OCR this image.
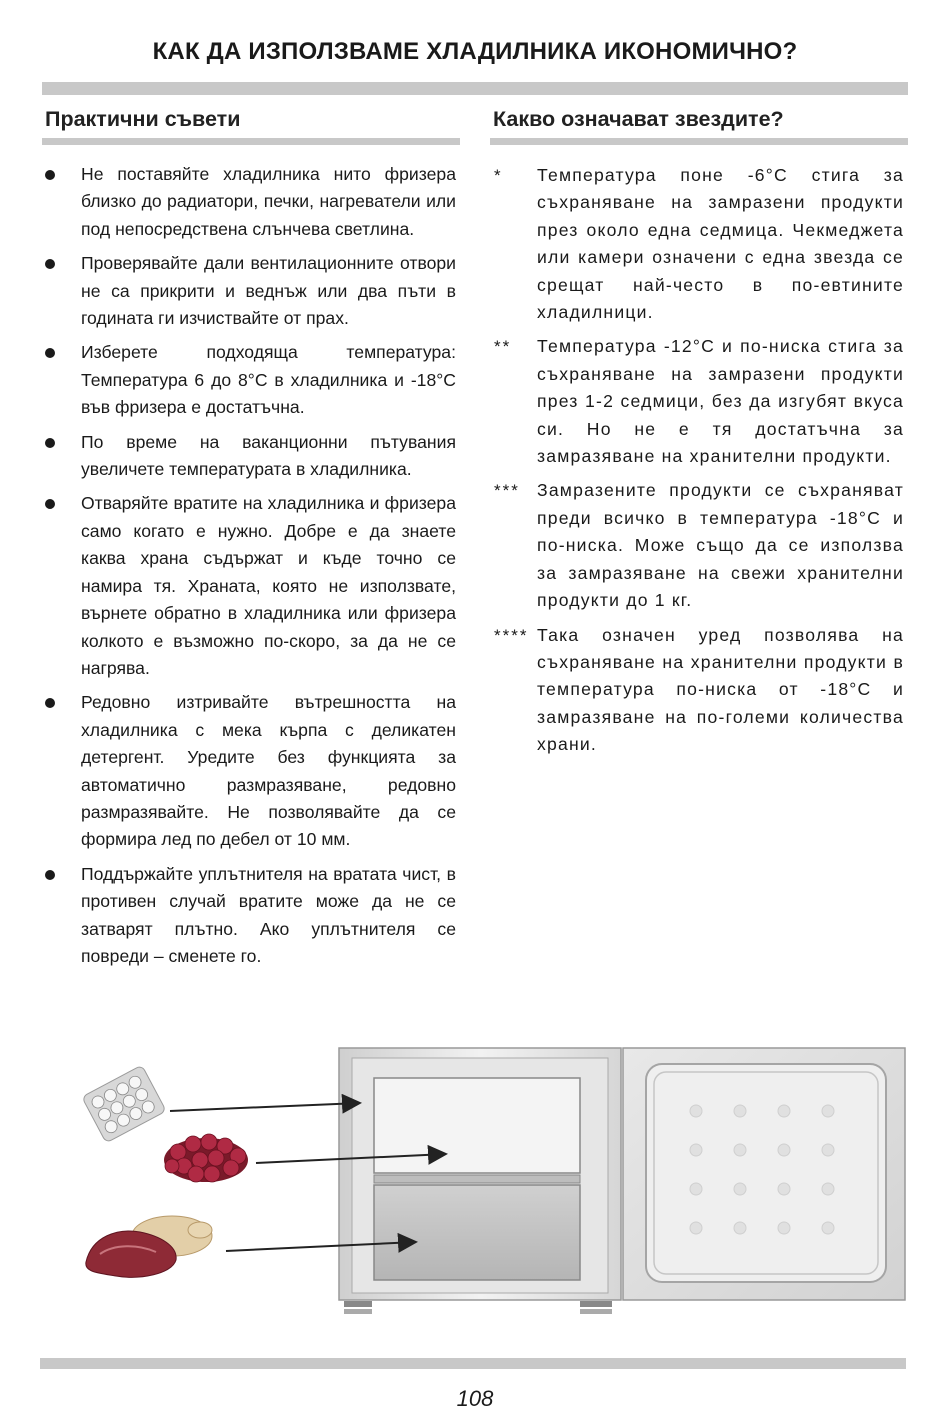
КАК ДА ИЗПОЛЗВАМЕ ХЛАДИЛНИКА ИКОНОМИЧНО?
Практични съвети	Какво означават звездите?
Не поставяйте хладилника нито фризера близко до радиатори, печки, нагреватели или под непосредствена слънчева светлина.
Проверявайте дали вентилационните отвори не са прикрити и веднъж или два пъти в годината ги изчиствайте от прах.
Изберете подходяща температура: Температура 6 до 8°С в хладилника и -18°С във фризера е достатъчна.
По време на ваканционни пътувания увеличете температурата в хладилника.
Отваряйте вратите на хладилника и фризера само когато е нужно. Добре е да знаете каква храна съдържат и къде точно се намира тя. Храната, която не използвате, върнете обратно в хладилника или фризера колкото е възможно по-скоро, за да не се нагрява.
Редовно изтривайте вътрешността на хладилника с мека кърпа с деликатен детергент. Уредите без функцията за автоматично размразяване, редовно размразявайте. Не позволявайте да се формира лед по дебел от 10 мм.
Поддържайте уплътнителя на вратата чист, в противен случай вратите може да не се затварят плътно. Ако уплътнителя се повреди – сменете го.
* Температура поне -6°С стига за съхраняване на замразени продукти през около една седмица. Чекмеджета или камери означени с една звезда се срещат най-често в по-евтините хладилници.
** Температура -12°С и по-ниска стига за съхраняване на замразени продукти през 1-2 седмици, без да изгубят вкуса си. Но не е тя достатъчна за замразяване на хранителни продукти.
*** Замразените продукти се съхраняват преди всичко в температура -18°С и по-ниска. Може също да се използва за замразяване на свежи хранителни продукти до 1 кг.
**** Така означен уред позволява на съхраняване на хранителни продукти в температура по-ниска от -18°С и замразяване на по-големи количества храни.
108
